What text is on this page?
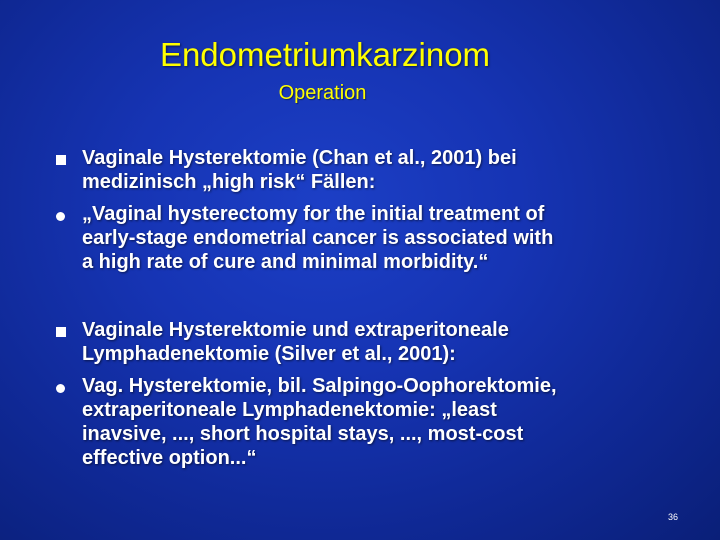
Endometriumkarzinom
Operation
Vaginale Hysterektomie (Chan et al., 2001) bei
medizinisch „high risk“ Fällen:
„Vaginal hysterectomy for the initial treatment of
early-stage endometrial cancer is associated with
a high rate of cure and minimal morbidity.“
Vaginale Hysterektomie und extraperitoneale
Lymphadenektomie (Silver et al., 2001):
Vag. Hysterektomie, bil. Salpingo-Oophorektomie,
extraperitoneale Lymphadenektomie: „least
inavsive, ..., short hospital stays, ..., most-cost
effective option...“
36
